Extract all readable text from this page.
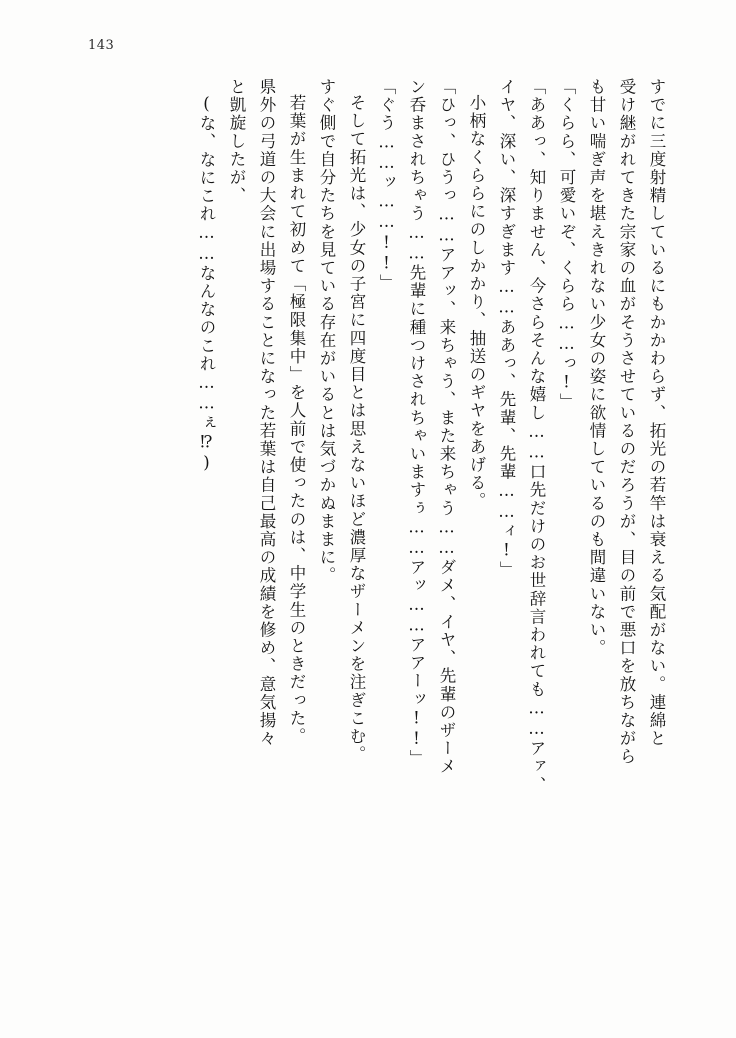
143
すでに三度射精しているにもかかわらず、拓光の若竿は衰える気配がない。連綿と
受け継がれてきた宗家の血がそうさせているのだろうが、目の前で悪口を放ちながら
も甘い喘ぎ声を堪えきれない少女の姿に欲情しているのも間違いない。
「くらら、可愛いぞ、くらら……っ!」
「ああっ、知りません、今さらそんな嬉し……口先だけのお世辞言われても……アァ、
イヤ、深い、深すぎます……ああっ、先輩、先輩……ィ!」
小柄なくららにのしかかり、抽送のギヤをあげる。
「ひっ、ひうっ……アアッ、来ちゃう、また来ちゃう……ダメ、イヤ、先輩のザーメ
ン呑まされちゃう……先輩に種つけされちゃいますぅ……アッ……アアーッ!!」
「ぐう……ッ……!!」
そして拓光は、少女の子宮に四度目とは思えないほど濃厚なザーメンを注ぎこむ。
すぐ側で自分たちを見ている存在がいるとは気づかぬままに。
若葉が生まれて初めて「極限集中」を人前で使ったのは、中学生のときだった。
県外の弓道の大会に出場することになった若葉は自己最高の成績を修め、意気揚々
と凱旋したが、
(な、なにこれ……なんなのこれ……ぇ⁉)
